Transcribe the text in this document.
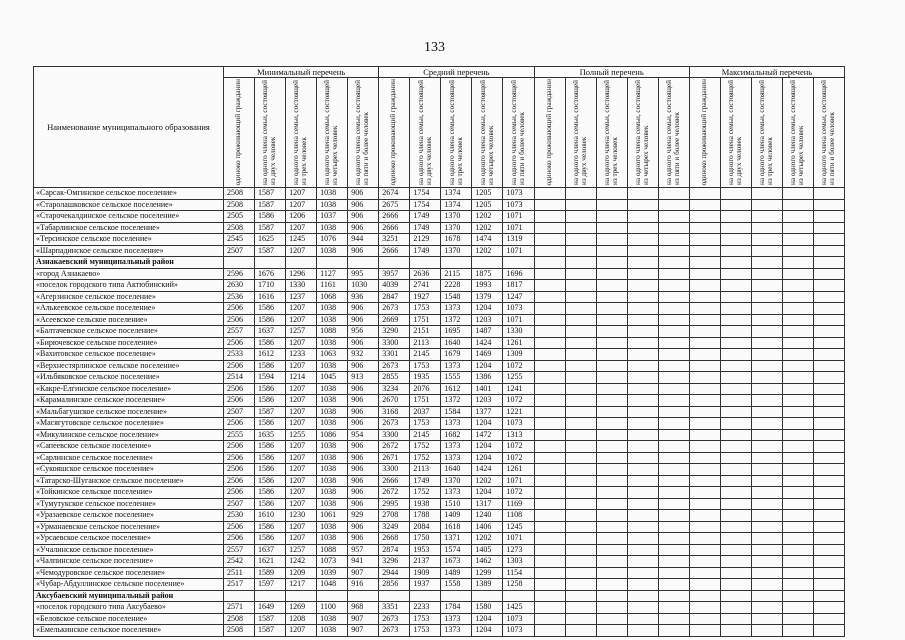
133
Наименование муниципального образования	Минимальный перечень					Средний перечень					Полный перечень					Максимальный перечень				
	одиноко проживающий гражданин	на одного члена семьи, состоящей из двух человек	на одного члена семьи, состоящей из трех человек	на одного члена семьи, состоящей из четырех человек	на одного члена семьи, состоящей из пяти и более человек	одиноко проживающий гражданин	на одного члена семьи, состоящей из двух человек	на одного члена семьи, состоящей из трех человек	на одного члена семьи, состоящей из четырех человек	на одного члена семьи, состоящей из пяти и более человек	одиноко проживающий гражданин	на одного члена семьи, состоящей из двух человек	на одного члена семьи, состоящей из трех человек	на одного члена семьи, состоящей из четырех человек	на одного члена семьи, состоящей из пяти и более человек	одиноко проживающий гражданин	на одного члена семьи, состоящей из двух человек	на одного члена семьи, состоящей из трех человек	на одного члена семьи, состоящей из четырех человек	на одного члена семьи, состоящей из пяти и более человек
«Сарсак-Омгинское сельское поселение»	2508	1587	1207	1038	906	2674	1754	1374	1205	1073										
«Старолашковское сельское поселение»	2508	1587	1207	1038	906	2675	1754	1374	1205	1073										
«Старочекалдинское сельское поселение»	2505	1586	1206	1037	906	2666	1749	1370	1202	1071										
«Табарлинское сельское поселение»	2508	1587	1207	1038	906	2666	1749	1370	1202	1071										
«Терсинское сельское поселение»	2545	1625	1245	1076	944	3251	2129	1678	1474	1319										
«Шарпадинское сельское поселение»	2507	1587	1207	1038	906	2666	1749	1370	1202	1071										
Азнакаевский муниципальный район																				
«город Азнакаево»	2596	1676	1296	1127	995	3957	2636	2115	1875	1696										
«поселок городского типа Актюбинский»	2630	1710	1330	1161	1030	4039	2741	2228	1993	1817										
«Агерзинское сельское поселение»	2536	1616	1237	1068	936	2847	1927	1548	1379	1247										
«Алькеевское сельское поселение»	2506	1586	1207	1038	906	2673	1753	1373	1204	1073										
«Асеевское сельское поселение»	2506	1586	1207	1038	906	2669	1751	1372	1203	1071										
«Балтачевское сельское поселение»	2557	1637	1257	1088	956	3290	2151	1695	1487	1330										
«Бирючевское сельское поселение»	2506	1586	1207	1038	906	3300	2113	1640	1424	1261										
«Вахитовское сельское поселение»	2533	1612	1233	1063	932	3301	2145	1679	1469	1309										
«Верхнестярлинское сельское поселение»	2506	1586	1207	1038	906	2673	1753	1373	1204	1072										
«Ильбяковское сельское поселение»	2514	1594	1214	1045	913	2855	1935	1555	1386	1255										
«Какре-Елгинское сельское поселение»	2506	1586	1207	1038	906	3234	2076	1612	1401	1241										
«Карамалинское сельское поселение»	2506	1586	1207	1038	906	2670	1751	1372	1203	1072										
«Мальбагушское сельское поселение»	2507	1587	1207	1038	906	3168	2037	1584	1377	1221										
«Масягутовское сельское поселение»	2506	1586	1207	1038	906	2673	1753	1373	1204	1073										
«Микулинское сельское поселение»	2555	1635	1255	1086	954	3300	2145	1682	1472	1313										
«Сапеевское сельское поселение»	2506	1586	1207	1038	906	2672	1752	1373	1204	1072										
«Сарлинское сельское поселение»	2506	1586	1207	1038	906	2671	1752	1373	1204	1072										
«Сукояшское сельское поселение»	2506	1586	1207	1038	906	3300	2113	1640	1424	1261										
«Татарско-Шуганское сельское поселение»	2506	1586	1207	1038	906	2666	1749	1370	1202	1071										
«Тойкинское сельское поселение»	2506	1586	1207	1038	906	2672	1752	1373	1204	1072										
«Тумутукское сельское поселение»	2507	1586	1207	1038	906	2995	1938	1510	1317	1169										
«Уразаевское сельское поселение»	2530	1610	1230	1061	929	2708	1788	1409	1240	1108										
«Урманаевское сельское поселение»	2506	1586	1207	1038	906	3249	2084	1618	1406	1245										
«Урсаевское сельское поселение»	2506	1586	1207	1038	906	2668	1750	1371	1202	1071										
«Учалинское сельское поселение»	2557	1637	1257	1088	957	2874	1953	1574	1405	1273										
«Чалпинское сельское поселение»	2542	1621	1242	1073	941	3296	2137	1673	1462	1303										
«Чемодуровское сельское поселение»	2511	1589	1209	1039	907	2944	1909	1489	1299	1154										
«Чубар-Абдуллинское сельское поселение»	2517	1597	1217	1048	916	2856	1937	1558	1389	1258										
Аксубаевский муниципальный район																				
«поселок городского типа Аксубаево»	2571	1649	1269	1100	968	3351	2233	1784	1580	1425										
«Беловское сельское поселение»	2508	1587	1208	1038	907	2673	1753	1373	1204	1073										
«Емелькинское сельское поселение»	2508	1587	1207	1038	907	2673	1753	1373	1204	1073										
